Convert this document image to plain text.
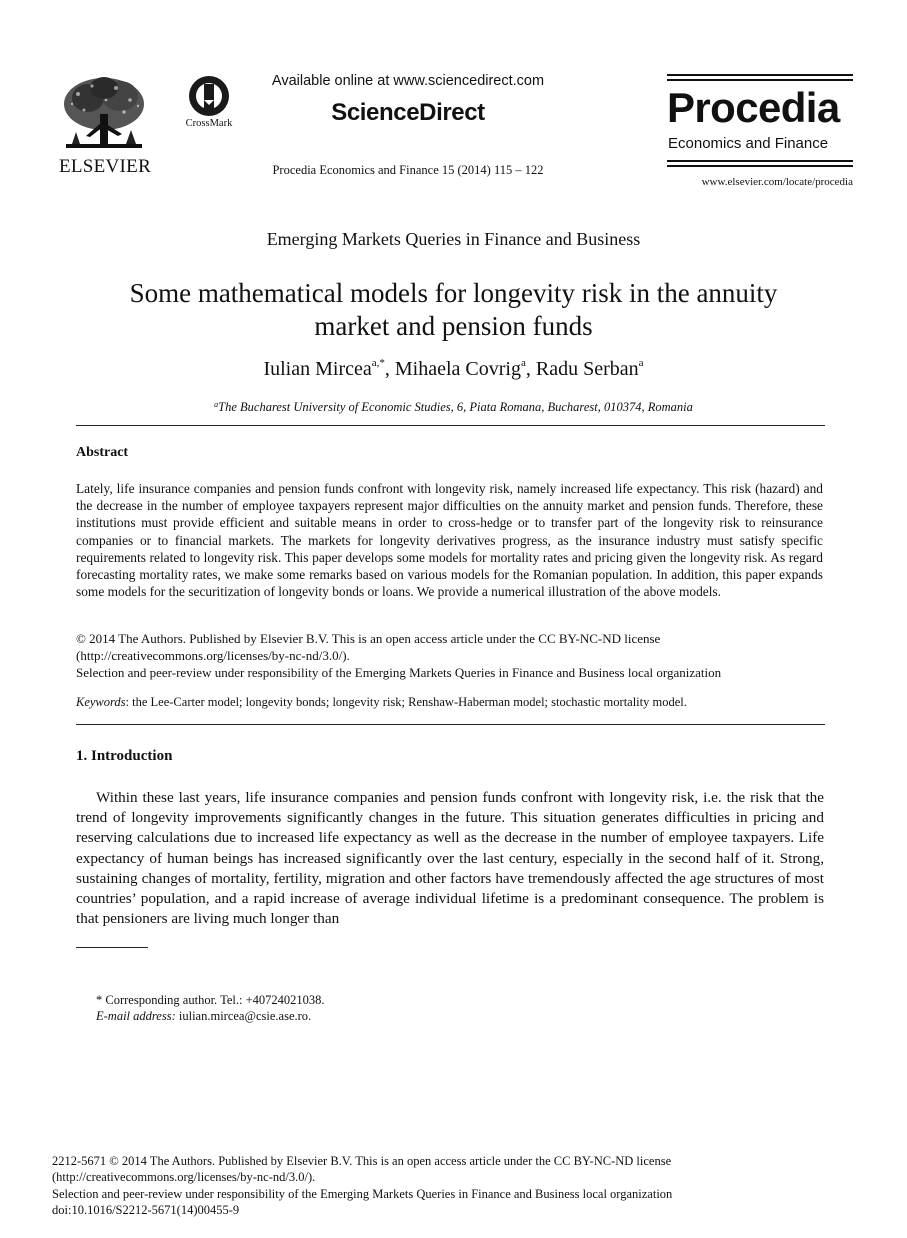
ELSEVIER
CrossMark
Available online at www.sciencedirect.com
ScienceDirect
Procedia Economics and Finance 15 (2014) 115 – 122
Procedia
Economics and Finance
www.elsevier.com/locate/procedia
Emerging Markets Queries in Finance and Business
Some mathematical models for longevity risk in the annuity
market and pension funds
Iulian Mircea$^{a,*}$, Mihaela Covrig$^a$, Radu Serban$^a$
$^a$The Bucharest University of Economic Studies, 6, Piata Romana, Bucharest, 010374, Romania
Abstract
Lately, life insurance companies and pension funds confront with longevity risk, namely increased life expectancy. This risk (hazard) and the decrease in the number of employee taxpayers represent major difficulties on the annuity market and pension funds. Therefore, these institutions must provide efficient and suitable means in order to cross-hedge or to transfer part of the longevity risk to reinsurance companies or to financial markets. The markets for longevity derivatives progress, as the insurance industry must satisfy specific requirements related to longevity risk. This paper develops some models for mortality rates and pricing given the longevity risk. As regard forecasting mortality rates, we make some remarks based on various models for the Romanian population. In addition, this paper expands some models for the securitization of longevity bonds or loans. We provide a numerical illustration of the above models.
© 2014 The Authors. Published by Elsevier B.V. This is an open access article under the CC BY-NC-ND license
(http://creativecommons.org/licenses/by-nc-nd/3.0/).
Selection and peer-review under responsibility of the Emerging Markets Queries in Finance and Business local organization
Keywords: the Lee-Carter model; longevity bonds; longevity risk; Renshaw-Haberman model; stochastic mortality model.
1. Introduction
Within these last years, life insurance companies and pension funds confront with longevity risk, i.e. the risk that the trend of longevity improvements significantly changes in the future. This situation generates difficulties in pricing and reserving calculations due to increased life expectancy as well as the decrease in the number of employee taxpayers. Life expectancy of human beings has increased significantly over the last century, especially in the second half of it. Strong, sustaining changes of mortality, fertility, migration and other factors have tremendously affected the age structures of most countries’ population, and a rapid increase of average individual lifetime is a predominant consequence. The problem is that pensioners are living much longer than
* Corresponding author. Tel.: +40724021038.
E-mail address: iulian.mircea@csie.ase.ro.
2212-5671 © 2014 The Authors. Published by Elsevier B.V. This is an open access article under the CC BY-NC-ND license
(http://creativecommons.org/licenses/by-nc-nd/3.0/).
Selection and peer-review under responsibility of the Emerging Markets Queries in Finance and Business local organization
doi:10.1016/S2212-5671(14)00455-9
